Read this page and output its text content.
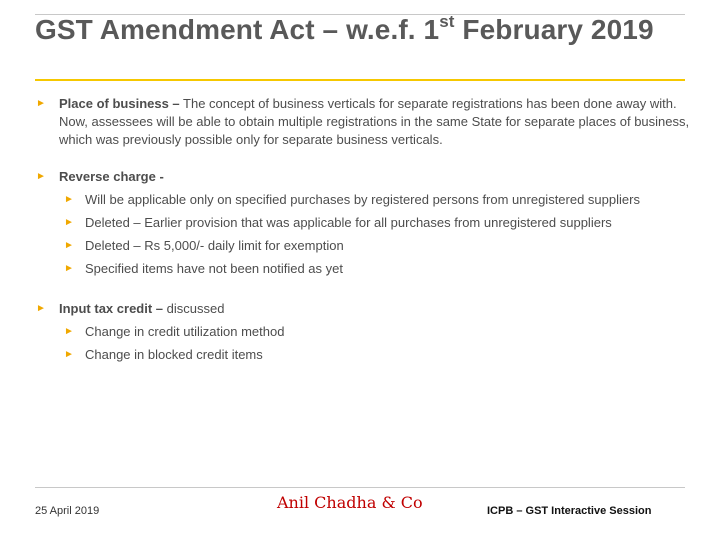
GST Amendment Act – w.e.f. 1st February 2019
► Place of business – The concept of business verticals for separate registrations has been done away with. Now, assessees will be able to obtain multiple registrations in the same State for separate places of business, which was previously possible only for separate business verticals.
► Reverse charge -
► Will be applicable only on specified purchases by registered persons from unregistered suppliers
► Deleted – Earlier provision that was applicable for all purchases from unregistered suppliers
► Deleted – Rs 5,000/- daily limit for exemption
► Specified items have not been notified as yet
► Input tax credit – discussed
► Change in credit utilization method
► Change in blocked credit items
25 April 2019	Anil Chadha & Co	ICPB – GST Interactive Session
